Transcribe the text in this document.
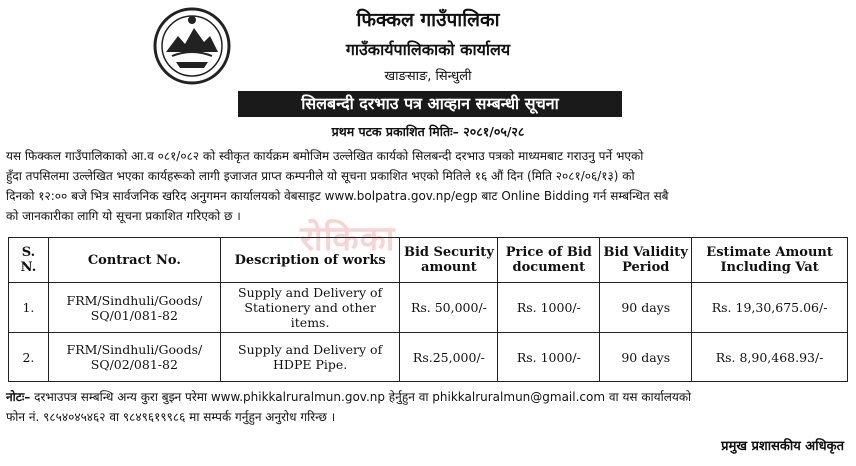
फिक्कल गाउँपालिका
गाउँकार्यपालिकाको कार्यालय
खाङसाङ, सिन्धुली
सिलबन्दी दरभाउ पत्र आव्हान सम्बन्धी सूचना
प्रथम पटक प्रकाशित मितिः– २०८१/०५/२८

यस फिक्कल गाउँपालिकाको आ.व ०८१/०८२ को स्वीकृत कार्यक्रम बमोजिम उल्लेखित कार्यको सिलबन्दी दरभाउ पत्रको माध्यमबाट गराउनु पर्ने भएको

हुँदा तपसिलमा उल्लेखित भएका कार्यहरूको लागी इजाजत प्राप्त कम्पनीले यो सूचना प्रकाशित भएको मितिले १६ औं दिन (मिति २०८१/०६/१३) को

दिनको १२:०० बजे भित्र सार्वजनिक खरिद अनुगमन कार्यालयको वेबसाइट www.bolpatra.gov.np/egp बाट Online Bidding गर्न सम्बन्धित सबै

को जानकारीका लागि यो सूचना प्रकाशित गरिएको छ ।

रोकिका
S. N.	Contract No.	Description of works	Bid Security amount	Price of Bid document	Bid Validity Period	Estimate Amount Including Vat
1.	FRM/Sindhuli/Goods/ SQ/01/081-82	Supply and Delivery of Stationery and other items.	Rs. 50,000/-	Rs. 1000/-	90 days	Rs. 19,30,675.06/-
2.	FRM/Sindhuli/Goods/ SQ/02/081-82	Supply and Delivery of HDPE Pipe.	Rs.25,000/-	Rs. 1000/-	90 days	Rs. 8,90,468.93/-

नोटः– दरभाउपत्र सम्बन्धि अन्य कुरा बुझ्न परेमा www.phikkalruralmun.gov.np हेर्नुहुन वा phikkalruralmun@gmail.com वा यस कार्यालयको

फोन नं. ९८५४०४५४६२ वा ९८४९६१९९८६ मा सम्पर्क गर्नुहुन अनुरोध गरिन्छ ।

प्रमुख प्रशासकीय अधिकृत
